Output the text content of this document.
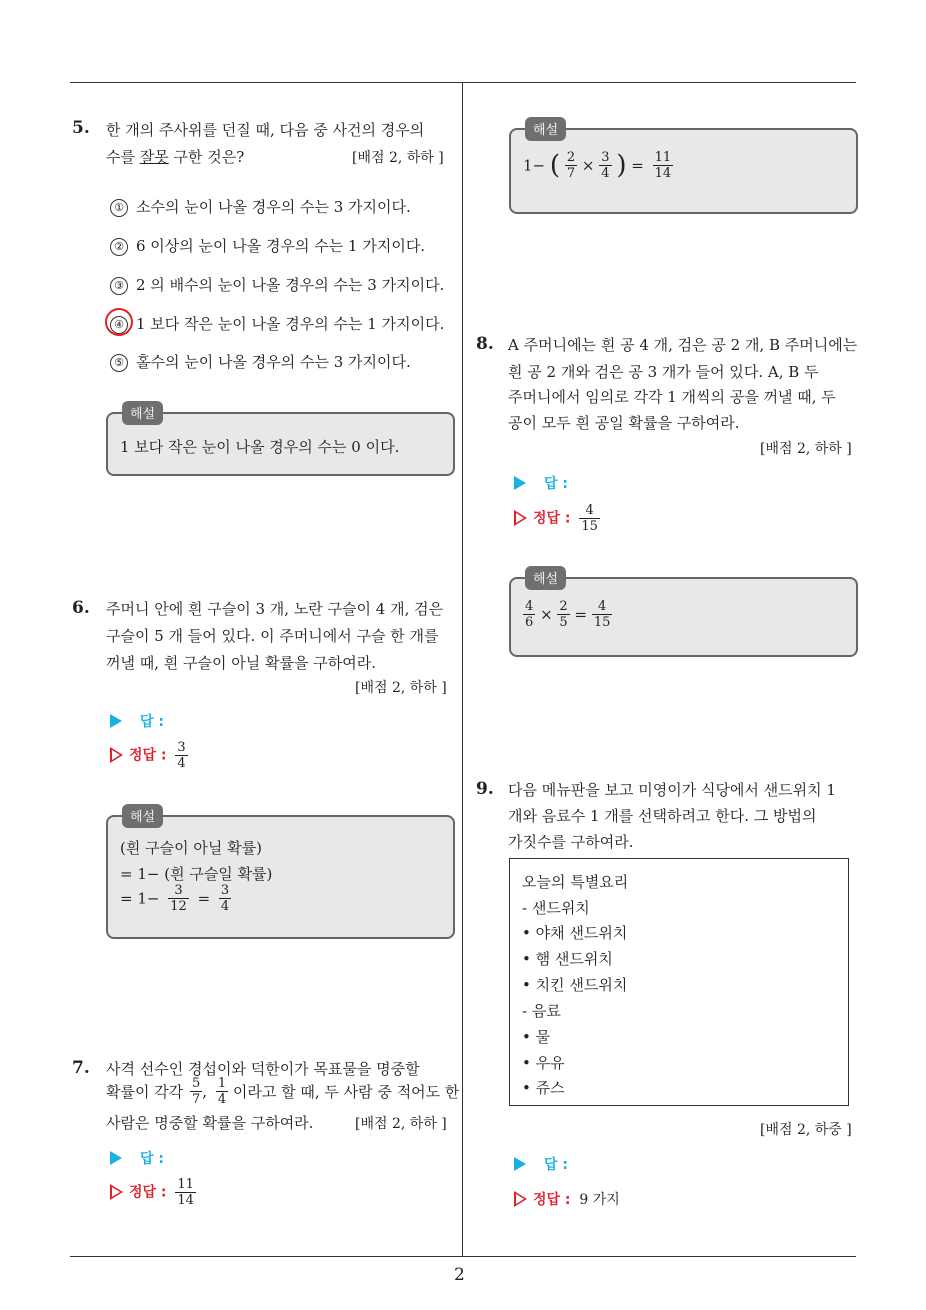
2
5. 한 개의 주사위를 던질 때, 다음 중 사건의 경우의
수를 잘못 구한 것은?	[배점 2, 하하 ]
① 소수의 눈이 나올 경우의 수는 3 가지이다.
② 6 이상의 눈이 나올 경우의 수는 1 가지이다.
③ 2 의 배수의 눈이 나올 경우의 수는 3 가지이다.
④ 1 보다 작은 눈이 나올 경우의 수는 1 가지이다.
⑤ 홀수의 눈이 나올 경우의 수는 3 가지이다.
해설
1 보다 작은 눈이 나올 경우의 수는 0 이다.
6. 주머니 안에 흰 구슬이 3 개, 노란 구슬이 4 개, 검은
구슬이 5 개 들어 있다. 이 주머니에서 구슬 한 개를
꺼낼 때, 흰 구슬이 아닐 확률을 구하여라.
[배점 2, 하하 ]
답 :
정답 : $\frac{3}{4}$
해설
(흰 구슬이 아닐 확률)
= 1− (흰 구슬일 확률)
= $1- \frac{3}{12} = \frac{3}{4}$
7. 사격 선수인 경섭이와 덕한이가 목표물을 명중할
확률이 각각 $\frac{5}{7}$ , $\frac{1}{4}$ 이라고 할 때, 두 사람 중 적어도 한
사람은 명중할 확률을 구하여라.	[배점 2, 하하 ]
답 :
정답 : $\frac{11}{14}$
해설
1− ( $\frac{2}{7} \times \frac{3}{4}$ ) = $\frac{11}{14}$
8. A 주머니에는 흰 공 4 개, 검은 공 2 개, B 주머니에는
흰 공 2 개와 검은 공 3 개가 들어 있다. A, B 두
주머니에서 임의로 각각 1 개씩의 공을 꺼낼 때, 두
공이 모두 흰 공일 확률을 구하여라.
[배점 2, 하하 ]
답 :
정답 : $\frac{4}{15}$
해설
$\frac{4}{6} \times \frac{2}{5} = \frac{4}{15}$
9. 다음 메뉴판을 보고 미영이가 식당에서 샌드위치 1
개와 음료수 1 개를 선택하려고 한다. 그 방법의
가짓수를 구하여라.
오늘의 특별요리
- 샌드위치
• 야채 샌드위치
• 햄 샌드위치
• 치킨 샌드위치
- 음료
• 물
• 우유
• 쥬스
[배점 2, 하중 ]
답 :
정답 : 9 가지
